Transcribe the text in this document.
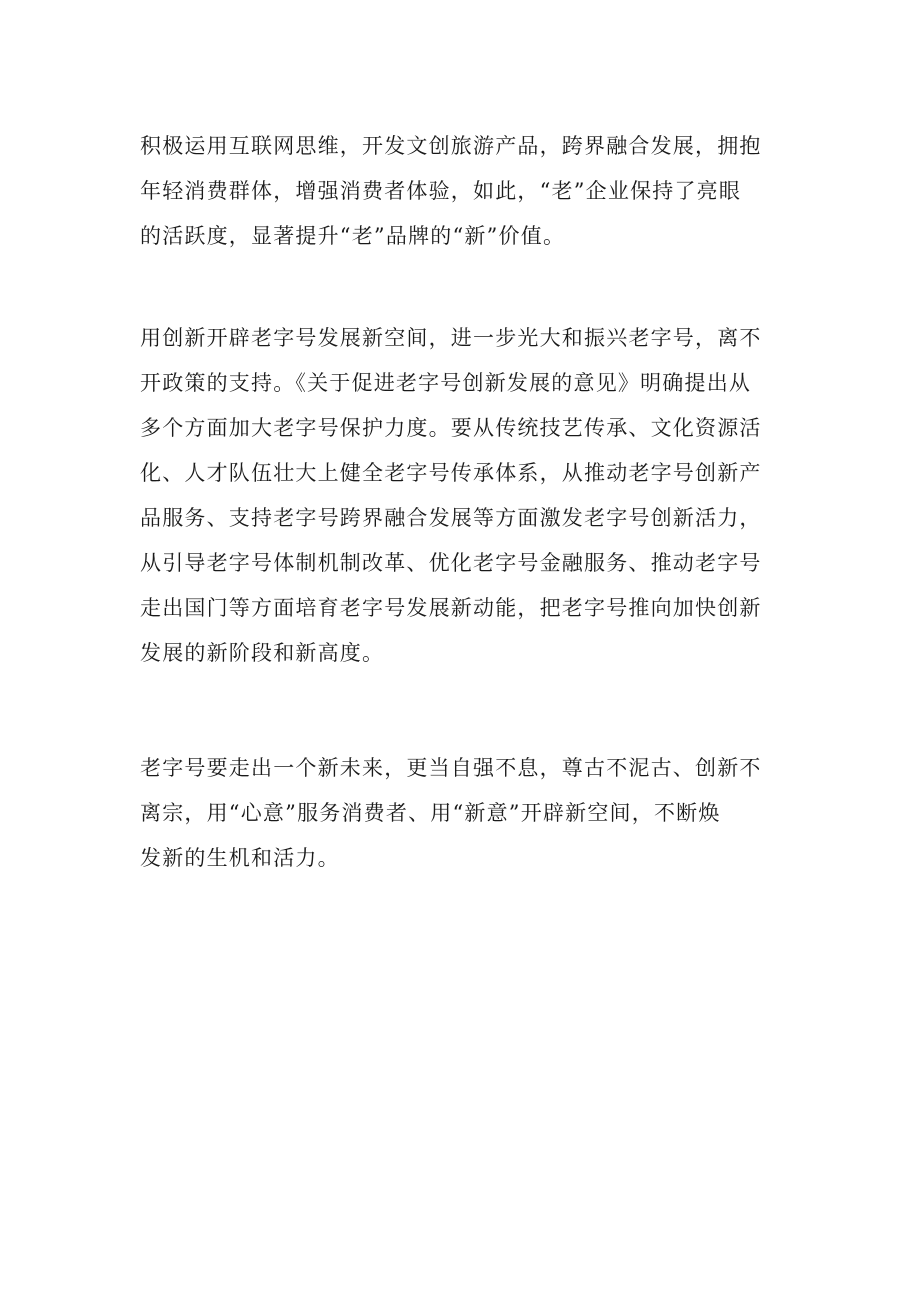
积极运用互联网思维，开发文创旅游产品，跨界融合发展，拥抱
年轻消费群体，增强消费者体验，如此，“老”企业保持了亮眼
的活跃度，显著提升“老”品牌的“新”价值。

用创新开辟老字号发展新空间，进一步光大和振兴老字号，离不
开政策的支持。《关于促进老字号创新发展的意见》明确提出从
多个方面加大老字号保护力度。要从传统技艺传承、文化资源活
化、人才队伍壮大上健全老字号传承体系，从推动老字号创新产
品服务、支持老字号跨界融合发展等方面激发老字号创新活力，
从引导老字号体制机制改革、优化老字号金融服务、推动老字号
走出国门等方面培育老字号发展新动能，把老字号推向加快创新
发展的新阶段和新高度。

老字号要走出一个新未来，更当自强不息，尊古不泥古、创新不
离宗，用“心意”服务消费者、用“新意”开辟新空间，不断焕
发新的生机和活力。
